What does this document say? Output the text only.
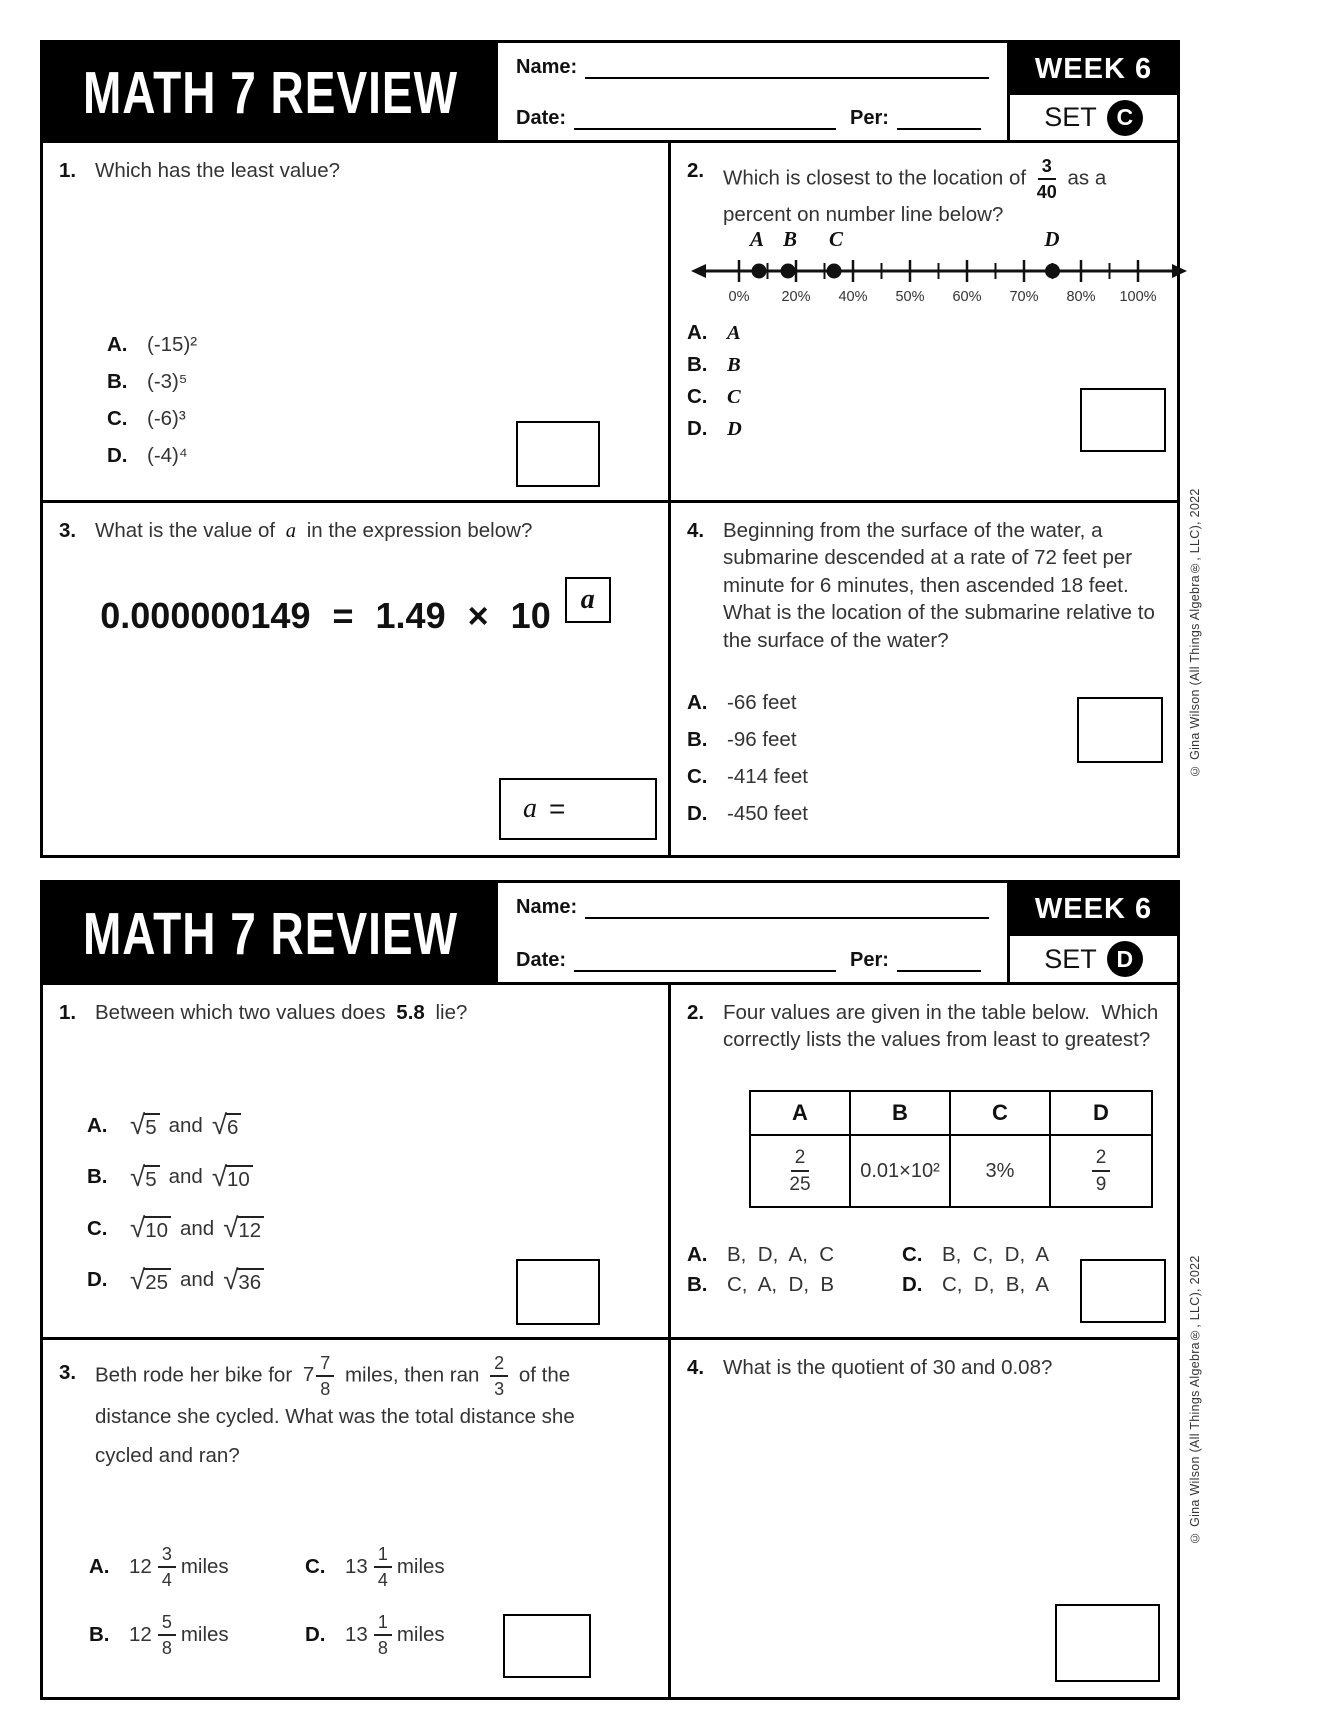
MATH 7 REVIEW	Name:
Date:	Per:
WEEK 6
SET C
1. Which has the least value?
A. (-15)²
B. (-3)⁵
C. (-6)³
D. (-4)⁴
2. Which is closest to the location of $\frac{3}{40}$ as a percent on number line below?
A B C	D
0% 20% 40% 50% 60% 70% 80% 100%
A. A
B. B
C. C
D. D
3. What is the value of a in the expression below?
0.000000149 = 1.49 × 10 a
a =
4. Beginning from the surface of the water, a submarine descended at a rate of 72 feet per minute for 6 minutes, then ascended 18 feet.  What is the location of the submarine relative to the surface of the water?
A. -66 feet
B. -96 feet
C. -414 feet
D. -450 feet
© Gina Wilson (All Things Algebra®, LLC), 2022
MATH 7 REVIEW	Name:
Date:	Per:
WEEK 6
SET D
1. Between which two values does 5.8 lie?
A. √ 5 and √ 6
B. √ 5 and √ 10
C. √ 10 and √ 12
D. √ 25 and √ 36
2. Four values are given in the table below.  Which correctly lists the values from least to greatest?
A	B	C	D
$\frac{2}{25}$	0.01×10²	3%	$\frac{2}{9}$
A. B,  D,  A,  C	C. B,  C,  D,  A
B. C,  A,  D,  B	D. C,  D,  B,  A
3. Beth rode her bike for $7 \frac{7}{8}$ miles, then ran $\frac{2}{3}$ of the distance she cycled. What was the total distance she cycled and ran?
A. $12 \frac{3}{4}$ miles	C. $13 \frac{1}{4}$ miles
B. $12 \frac{5}{8}$ miles	D. $13 \frac{1}{8}$ miles
4. What is the quotient of 30 and 0.08?	© Gina Wilson (All Things Algebra®, LLC), 2022
